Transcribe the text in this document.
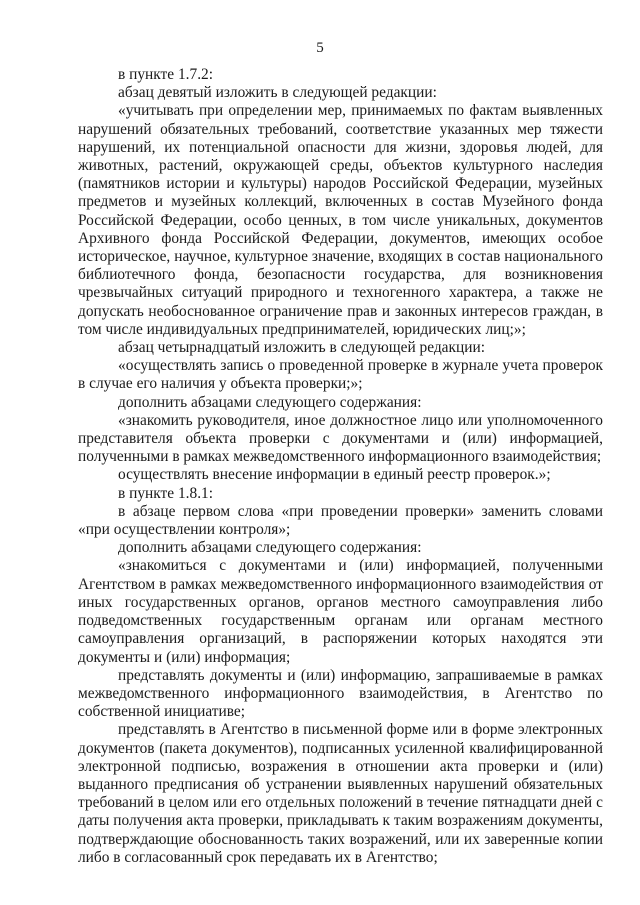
5

в пункте 1.7.2:

абзац девятый изложить в следующей редакции:

«учитывать при определении мер, принимаемых по фактам выявленных нарушений обязательных требований, соответствие указанных мер тяжести нарушений, их потенциальной опасности для жизни, здоровья людей, для животных, растений, окружающей среды, объектов культурного наследия (памятников истории и культуры) народов Российской Федерации, музейных предметов и музейных коллекций, включенных в состав Музейного фонда Российской Федерации, особо ценных, в том числе уникальных, документов Архивного фонда Российской Федерации, документов, имеющих особое историческое, научное, культурное значение, входящих в состав национального библиотечного фонда, безопасности государства, для возникновения чрезвычайных ситуаций природного и техногенного характера, а также не допускать необоснованное ограничение прав и законных интересов граждан, в том числе индивидуальных предпринимателей, юридических лиц;»;

абзац четырнадцатый изложить в следующей редакции:

«осуществлять запись о проведенной проверке в журнале учета проверок в случае его наличия у объекта проверки;»;

дополнить абзацами следующего содержания:

«знакомить руководителя, иное должностное лицо или уполномоченного представителя объекта проверки с документами и (или) информацией, полученными в рамках межведомственного информационного взаимодействия;

осуществлять внесение информации в единый реестр проверок.»;

в пункте 1.8.1:

в абзаце первом слова «при проведении проверки» заменить словами «при осуществлении контроля»;

дополнить абзацами следующего содержания:

«знакомиться с документами и (или) информацией, полученными Агентством в рамках межведомственного информационного взаимодействия от иных государственных органов, органов местного самоуправления либо подведомственных государственным органам или органам местного самоуправления организаций, в распоряжении которых находятся эти документы и (или) информация;

представлять документы и (или) информацию, запрашиваемые в рамках межведомственного информационного взаимодействия, в Агентство по собственной инициативе;

представлять в Агентство в письменной форме или в форме электронных документов (пакета документов), подписанных усиленной квалифицированной электронной подписью, возражения в отношении акта проверки и (или) выданного предписания об устранении выявленных нарушений обязательных требований в целом или его отдельных положений в течение пятнадцати дней с даты получения акта проверки, прикладывать к таким возражениям документы, подтверждающие обоснованность таких возражений, или их заверенные копии либо в согласованный срок передавать их в Агентство;
